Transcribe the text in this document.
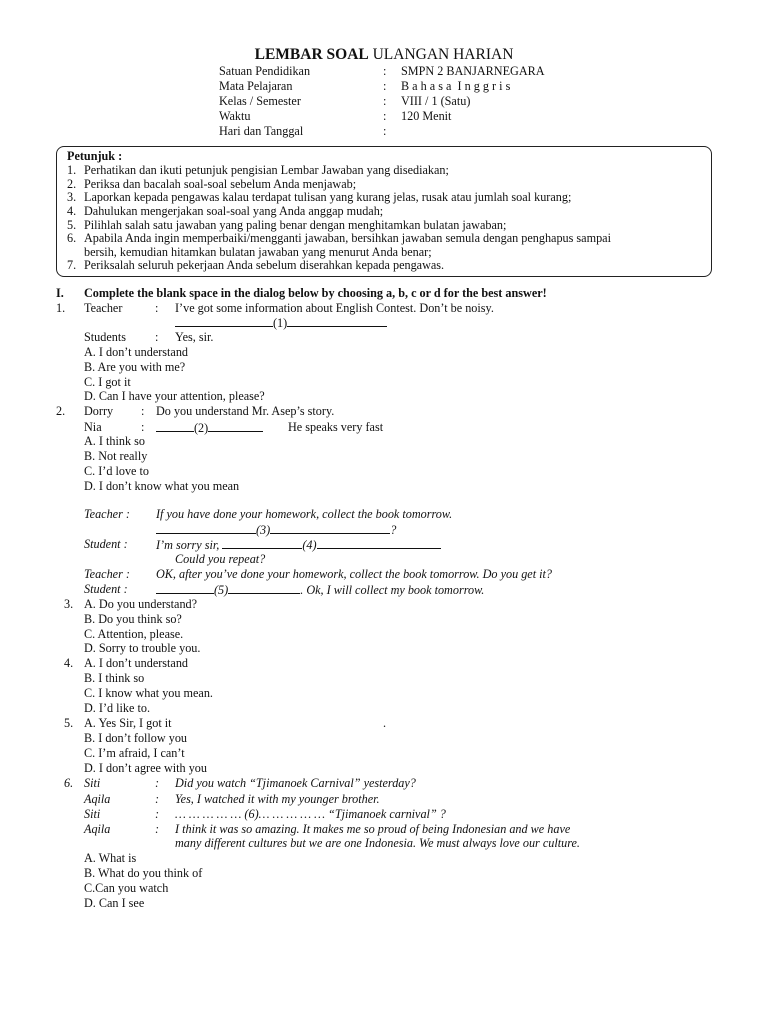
LEMBAR SOAL ULANGAN HARIAN
Satuan Pendidikan	: SMPN 2 BANJARNEGARA
Mata Pelajaran	: B a h a s a  I n g g r i s
Kelas / Semester	: VIII / 1 (Satu)
Waktu	: 120 Menit
Hari dan Tanggal	:
Petunjuk :
1. Perhatikan dan ikuti petunjuk pengisian Lembar Jawaban yang disediakan;
2. Periksa dan bacalah soal-soal sebelum Anda menjawab;
3. Laporkan kepada pengawas kalau terdapat tulisan yang kurang jelas, rusak atau jumlah soal kurang;
4. Dahulukan mengerjakan soal-soal yang Anda anggap mudah;
5. Pilihlah salah satu jawaban yang paling benar dengan menghitamkan bulatan jawaban;
6. Apabila Anda ingin memperbaiki/mengganti jawaban, bersihkan jawaban semula dengan penghapus sampai
bersih, kemudian hitamkan bulatan jawaban yang menurut Anda benar;
7. Periksalah seluruh pekerjaan Anda sebelum diserahkan kepada pengawas.
I. Complete the blank space in the dialog below by choosing a, b, c or d for the best answer!
1. Teacher	: I’ve got some information about English Contest. Don’t be noisy.
(1)
Students : Yes, sir.
A. I don’t understand
B. Are you with me?
C. I got it
D. Can I have your attention, please?
2. Dorry : Do you understand Mr. Asep’s story.
Nia	:	(2)	He speaks very fast
A. I think so
B. Not really
C. I’d love to
D. I don’t know what you mean
Teacher : If you have done your homework, collect the book tomorrow.
(3)	?
Student : I’m sorry sir,	(4)
Could you repeat?
Teacher : OK, after you’ve done your homework, collect the book tomorrow. Do you get it?
Student :	(5)	. Ok, I will collect my book tomorrow.
3. A. Do you understand?
B. Do you think so?
C. Attention, please.
D. Sorry to trouble you.
4. A. I don’t understand
B. I think so
C. I know what you mean.
D. I’d like to.
5. A. Yes Sir, I got it	.
B. I don’t follow you
C. I’m afraid, I can’t
D. I don’t agree with you
6. Siti	: Did you watch “Tjimanoek Carnival” yesterday?
Aqila	: Yes, I watched it with my younger brother.
Siti	: … … … … … (6)… … … … … “Tjimanoek carnival” ?
Aqila	: I think it was so amazing. It makes me so proud of being Indonesian and we have
many different cultures but we are one Indonesia. We must always love our culture.
A. What is
B. What do you think of
C.Can you watch
D. Can I see
